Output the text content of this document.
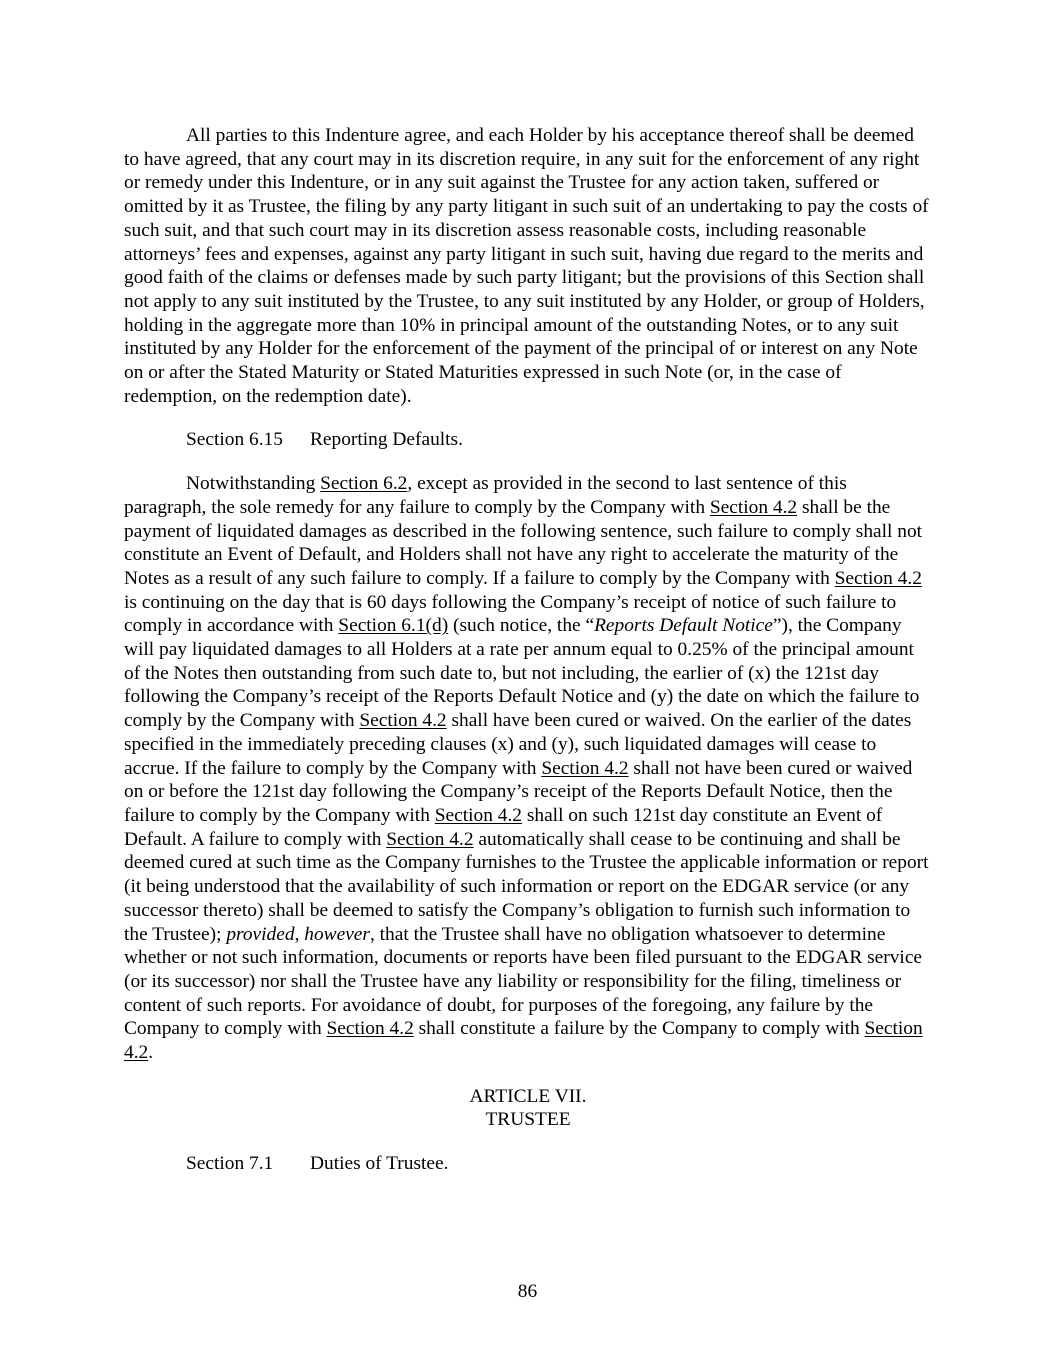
All parties to this Indenture agree, and each Holder by his acceptance thereof shall be deemed to have agreed, that any court may in its discretion require, in any suit for the enforcement of any right or remedy under this Indenture, or in any suit against the Trustee for any action taken, suffered or omitted by it as Trustee, the filing by any party litigant in such suit of an undertaking to pay the costs of such suit, and that such court may in its discretion assess reasonable costs, including reasonable attorneys’ fees and expenses, against any party litigant in such suit, having due regard to the merits and good faith of the claims or defenses made by such party litigant; but the provisions of this Section shall not apply to any suit instituted by the Trustee, to any suit instituted by any Holder, or group of Holders, holding in the aggregate more than 10% in principal amount of the outstanding Notes, or to any suit instituted by any Holder for the enforcement of the payment of the principal of or interest on any Note on or after the Stated Maturity or Stated Maturities expressed in such Note (or, in the case of redemption, on the redemption date).

Section 6.15 Reporting Defaults.

Notwithstanding Section 6.2, except as provided in the second to last sentence of this paragraph, the sole remedy for any failure to comply by the Company with Section 4.2 shall be the payment of liquidated damages as described in the following sentence, such failure to comply shall not constitute an Event of Default, and Holders shall not have any right to accelerate the maturity of the Notes as a result of any such failure to comply. If a failure to comply by the Company with Section 4.2 is continuing on the day that is 60 days following the Company’s receipt of notice of such failure to comply in accordance with Section 6.1(d) (such notice, the “Reports Default Notice”), the Company will pay liquidated damages to all Holders at a rate per annum equal to 0.25% of the principal amount of the Notes then outstanding from such date to, but not including, the earlier of (x) the 121st day following the Company’s receipt of the Reports Default Notice and (y) the date on which the failure to comply by the Company with Section 4.2 shall have been cured or waived. On the earlier of the dates specified in the immediately preceding clauses (x) and (y), such liquidated damages will cease to accrue. If the failure to comply by the Company with Section 4.2 shall not have been cured or waived on or before the 121st day following the Company’s receipt of the Reports Default Notice, then the failure to comply by the Company with Section 4.2 shall on such 121st day constitute an Event of Default. A failure to comply with Section 4.2 automatically shall cease to be continuing and shall be deemed cured at such time as the Company furnishes to the Trustee the applicable information or report (it being understood that the availability of such information or report on the EDGAR service (or any successor thereto) shall be deemed to satisfy the Company’s obligation to furnish such information to the Trustee); provided, however, that the Trustee shall have no obligation whatsoever to determine whether or not such information, documents or reports have been filed pursuant to the EDGAR service (or its successor) nor shall the Trustee have any liability or responsibility for the filing, timeliness or content of such reports. For avoidance of doubt, for purposes of the foregoing, any failure by the Company to comply with Section 4.2 shall constitute a failure by the Company to comply with Section 4.2.

ARTICLE VII.

TRUSTEE

Section 7.1 Duties of Trustee.

86
